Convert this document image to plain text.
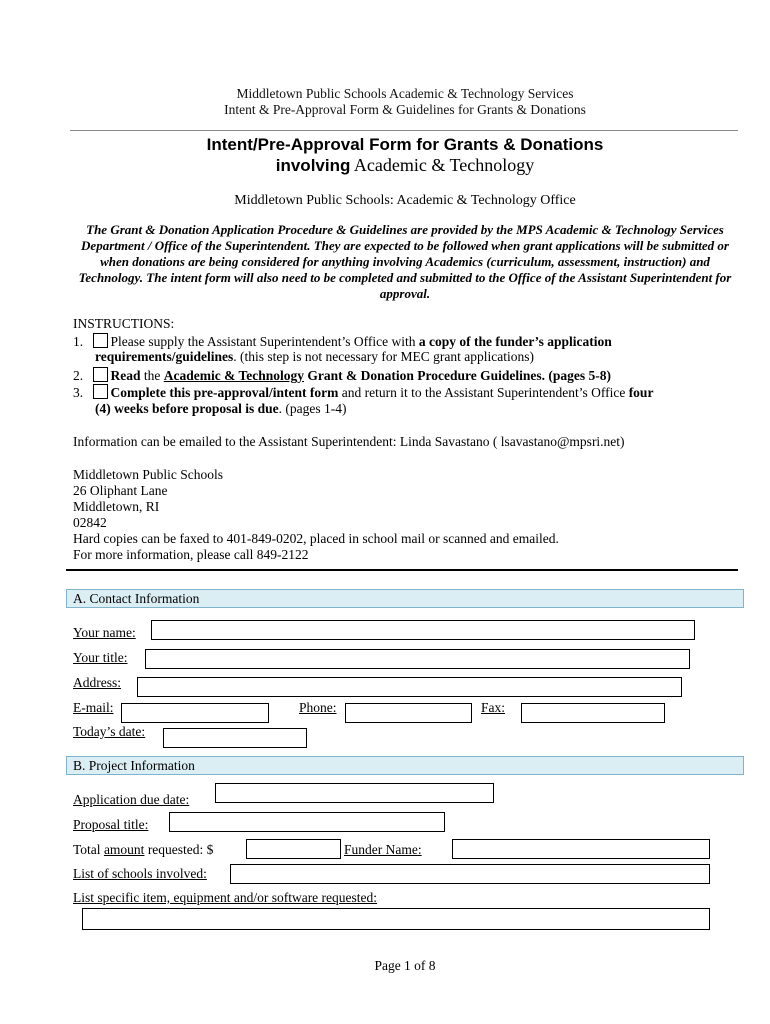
Middletown Public Schools Academic & Technology Services
Intent & Pre-Approval Form & Guidelines for Grants & Donations
Intent/Pre-Approval Form for Grants & Donations
involving Academic & Technology
Middletown Public Schools: Academic & Technology Office
The Grant & Donation Application Procedure & Guidelines are provided by the MPS Academic & Technology Services Department / Office of the Superintendent. They are expected to be followed when grant applications will be submitted or when donations are being considered for anything involving Academics (curriculum, assessment, instruction) and Technology. The intent form will also need to be completed and submitted to the Office of the Assistant Superintendent for approval.
INSTRUCTIONS:
1. Please supply the Assistant Superintendent’s Office with a copy of the funder’s application
requirements/guidelines. (this step is not necessary for MEC grant applications)
2. Read the Academic & Technology Grant & Donation Procedure Guidelines. (pages 5-8)
3. Complete this pre-approval/intent form and return it to the Assistant Superintendent’s Office four
(4) weeks before proposal is due. (pages 1-4)
Information can be emailed to the Assistant Superintendent: Linda Savastano ( lsavastano@mpsri.net)
Middletown Public Schools
26 Oliphant Lane
Middletown, RI
02842
Hard copies can be faxed to 401-849-0202, placed in school mail or scanned and emailed.
For more information, please call 849-2122
A. Contact Information
Your name:
Your title:
Address:
E-mail:	Phone:	Fax:
Today’s date:
B. Project Information
Application due date:
Proposal title:
Total amount requested: $	Funder Name:
List of schools involved:
List specific item, equipment and/or software requested:
Page 1 of 8
